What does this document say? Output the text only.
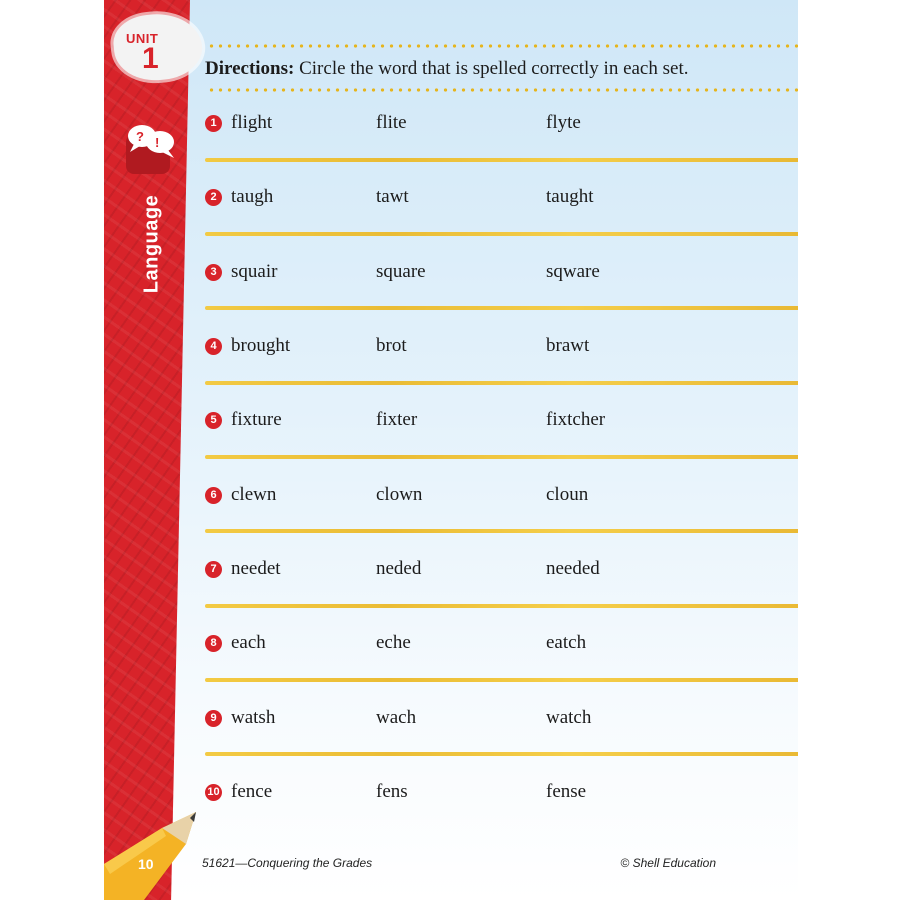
UNIT
1
? !
Language
10
Directions: Circle the word that is spelled correctly in each set.
1 flight	flite	flyte
2 taugh	tawt	taught
3 squair	square	sqware
4 brought	brot	brawt
5 fixture	fixter	fixtcher
6 clewn	clown	cloun
7 needet	neded	needed
8 each	eche	eatch
9 watsh	wach	watch
10 fence	fens	fense
51621—Conquering the Grades	© Shell Education
